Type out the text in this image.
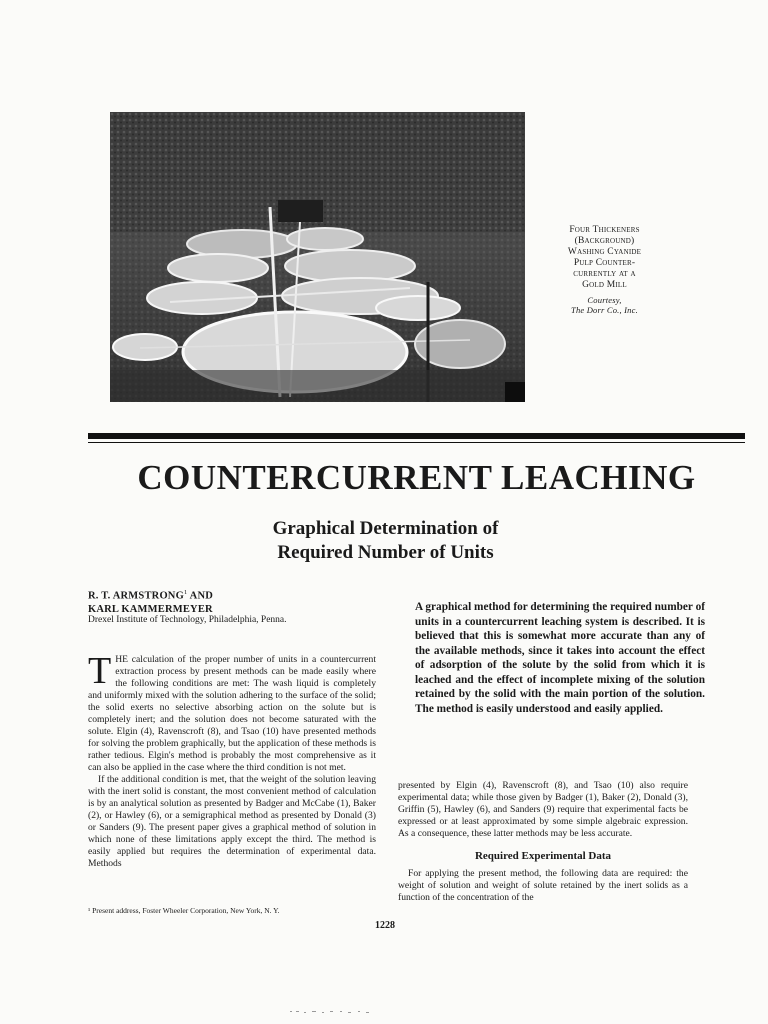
Four Thickeners
(Background)
Washing Cyanide
Pulp Counter-
currently at a
Gold Mill
Courtesy,
The Dorr Co., Inc.
COUNTERCURRENT LEACHING
Graphical Determination of
Required Number of Units
R. T. ARMSTRONG$^1$ AND
KARL KAMMERMEYER
Drexel Institute of Technology, Philadelphia, Penna.

THE calculation of the proper number of units in a countercurrent extraction process by present methods can be made easily where the following conditions are met: The wash liquid is completely and uniformly mixed with the solution adhering to the surface of the solid; the solid exerts no selective absorbing action on the solute but is completely inert; and the solution does not become saturated with the solute. Elgin (4), Ravenscroft (8), and Tsao (10) have presented methods for solving the problem graphically, but the application of these methods is rather tedious. Elgin's method is probably the most comprehensive as it can also be applied in the case where the third condition is not met.

If the additional condition is met, that the weight of the solution leaving with the inert solid is constant, the most convenient method of calculation is by an analytical solution as presented by Badger and McCabe (1), Baker (2), or Hawley (6), or a semigraphical method as presented by Donald (3) or Sanders (9). The present paper gives a graphical method of solution in which none of these limitations apply except the third. The method is easily applied but requires the determination of experimental data. Methods

¹ Present address, Foster Wheeler Corporation, New York, N. Y.
A graphical method for determining the required number of units in a countercurrent leaching system is described. It is believed that this is somewhat more accurate than any of the available methods, since it takes into account the effect of adsorption of the solute by the solid from which it is leached and the effect of incomplete mixing of the solution retained by the solid with the main portion of the solution. The method is easily understood and easily applied.

presented by Elgin (4), Ravenscroft (8), and Tsao (10) also require experimental data; while those given by Badger (1), Baker (2), Donald (3), Griffin (5), Hawley (6), and Sanders (9) require that experimental facts be expressed or at least approximated by some simple algebraic expression. As a consequence, these latter methods may be less accurate.

Required Experimental Data

For applying the present method, the following data are required: the weight of solution and weight of solute retained by the inert solids as a function of the concentration of the

1228
